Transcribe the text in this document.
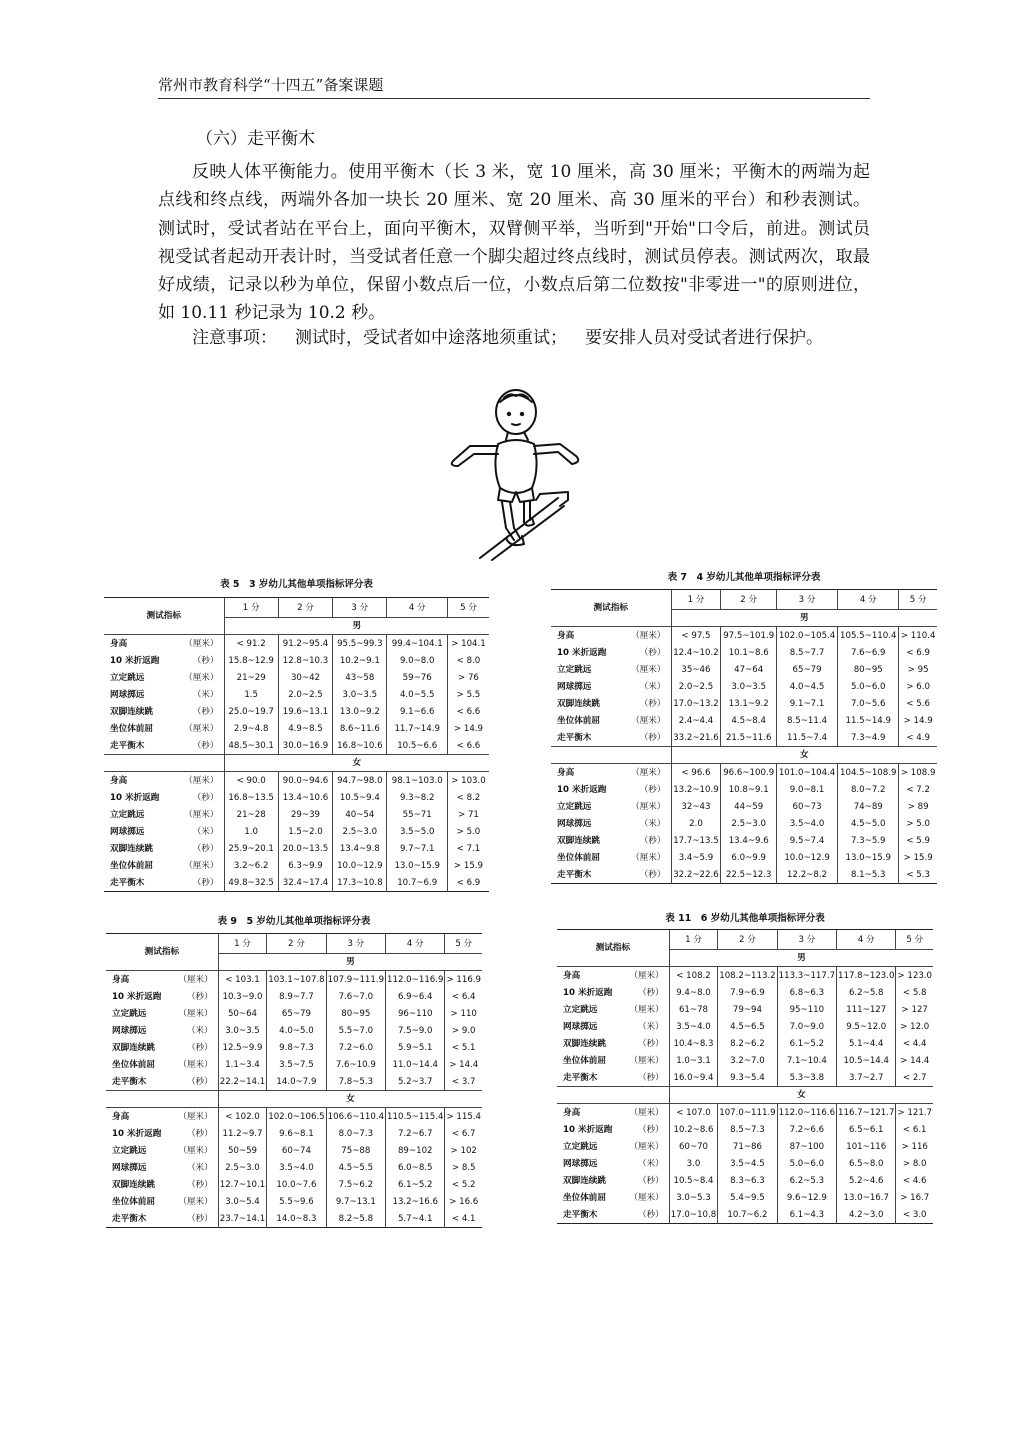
常州市教育科学“十四五”备案课题
（六）走平衡木
反映人体平衡能力。使用平衡木（长 3 米，宽 10 厘米，高 30 厘米；平衡木的两端为起点线和终点线，两端外各加一块长 20 厘米、宽 20 厘米、高 30 厘米的平台）和秒表测试。 测试时，受试者站在平台上，面向平衡木，双臂侧平举，当听到"开始"口令后，前进。测试员视受试者起动开表计时，当受试者任意一个脚尖超过终点线时，测试员停表。测试两次，取最好成绩，记录以秒为单位，保留小数点后一位，小数点后第二位数按"非零进一"的原则进位，如 10.11 秒记录为 10.2 秒。
注意事项： 测试时，受试者如中途落地须重试； 要安排人员对受试者进行保护。
表 5　3 岁幼儿其他单项指标评分表
测试指标		1 分	2 分	3 分	4 分	5 分
		男				
身高	（厘米）	< 91.2	91.2~95.4	95.5~99.3	99.4~104.1	> 104.1
10 米折返跑	（秒）	15.8~12.9	12.8~10.3	10.2~9.1	9.0~8.0	< 8.0
立定跳远	（厘米）	21~29	30~42	43~58	59~76	> 76
网球掷远	（米）	1.5	2.0~2.5	3.0~3.5	4.0~5.5	> 5.5
双脚连续跳	（秒）	25.0~19.7	19.6~13.1	13.0~9.2	9.1~6.6	< 6.6
坐位体前屈	（厘米）	2.9~4.8	4.9~8.5	8.6~11.6	11.7~14.9	> 14.9
走平衡木	（秒）	48.5~30.1	30.0~16.9	16.8~10.6	10.5~6.6	< 6.6
		女				
身高	（厘米）	< 90.0	90.0~94.6	94.7~98.0	98.1~103.0	> 103.0
10 米折返跑	（秒）	16.8~13.5	13.4~10.6	10.5~9.4	9.3~8.2	< 8.2
立定跳远	（厘米）	21~28	29~39	40~54	55~71	> 71
网球掷远	（米）	1.0	1.5~2.0	2.5~3.0	3.5~5.0	> 5.0
双脚连续跳	（秒）	25.9~20.1	20.0~13.5	13.4~9.8	9.7~7.1	< 7.1
坐位体前屈	（厘米）	3.2~6.2	6.3~9.9	10.0~12.9	13.0~15.9	> 15.9
走平衡木	（秒）	49.8~32.5	32.4~17.4	17.3~10.8	10.7~6.9	< 6.9
表 7　4 岁幼儿其他单项指标评分表
测试指标		1 分	2 分	3 分	4 分	5 分
		男				
身高	（厘米）	< 97.5	97.5~101.9	102.0~105.4	105.5~110.4	> 110.4
10 米折返跑	（秒）	12.4~10.2	10.1~8.6	8.5~7.7	7.6~6.9	< 6.9
立定跳远	（厘米）	35~46	47~64	65~79	80~95	> 95
网球掷远	（米）	2.0~2.5	3.0~3.5	4.0~4.5	5.0~6.0	> 6.0
双脚连续跳	（秒）	17.0~13.2	13.1~9.2	9.1~7.1	7.0~5.6	< 5.6
坐位体前屈	（厘米）	2.4~4.4	4.5~8.4	8.5~11.4	11.5~14.9	> 14.9
走平衡木	（秒）	33.2~21.6	21.5~11.6	11.5~7.4	7.3~4.9	< 4.9
		女				
身高	（厘米）	< 96.6	96.6~100.9	101.0~104.4	104.5~108.9	> 108.9
10 米折返跑	（秒）	13.2~10.9	10.8~9.1	9.0~8.1	8.0~7.2	< 7.2
立定跳远	（厘米）	32~43	44~59	60~73	74~89	> 89
网球掷远	（米）	2.0	2.5~3.0	3.5~4.0	4.5~5.0	> 5.0
双脚连续跳	（秒）	17.7~13.5	13.4~9.6	9.5~7.4	7.3~5.9	< 5.9
坐位体前屈	（厘米）	3.4~5.9	6.0~9.9	10.0~12.9	13.0~15.9	> 15.9
走平衡木	（秒）	32.2~22.6	22.5~12.3	12.2~8.2	8.1~5.3	< 5.3
表 9　5 岁幼儿其他单项指标评分表
测试指标		1 分	2 分	3 分	4 分	5 分
		男				
身高	（厘米）	< 103.1	103.1~107.8	107.9~111.9	112.0~116.9	> 116.9
10 米折返跑	（秒）	10.3~9.0	8.9~7.7	7.6~7.0	6.9~6.4	< 6.4
立定跳远	（厘米）	50~64	65~79	80~95	96~110	> 110
网球掷远	（米）	3.0~3.5	4.0~5.0	5.5~7.0	7.5~9.0	> 9.0
双脚连续跳	（秒）	12.5~9.9	9.8~7.3	7.2~6.0	5.9~5.1	< 5.1
坐位体前屈	（厘米）	1.1~3.4	3.5~7.5	7.6~10.9	11.0~14.4	> 14.4
走平衡木	（秒）	22.2~14.1	14.0~7.9	7.8~5.3	5.2~3.7	< 3.7
		女				
身高	（厘米）	< 102.0	102.0~106.5	106.6~110.4	110.5~115.4	> 115.4
10 米折返跑	（秒）	11.2~9.7	9.6~8.1	8.0~7.3	7.2~6.7	< 6.7
立定跳远	（厘米）	50~59	60~74	75~88	89~102	> 102
网球掷远	（米）	2.5~3.0	3.5~4.0	4.5~5.5	6.0~8.5	> 8.5
双脚连续跳	（秒）	12.7~10.1	10.0~7.6	7.5~6.2	6.1~5.2	< 5.2
坐位体前屈	（厘米）	3.0~5.4	5.5~9.6	9.7~13.1	13.2~16.6	> 16.6
走平衡木	（秒）	23.7~14.1	14.0~8.3	8.2~5.8	5.7~4.1	< 4.1
表 11　6 岁幼儿其他单项指标评分表
测试指标		1 分	2 分	3 分	4 分	5 分
		男				
身高	（厘米）	< 108.2	108.2~113.2	113.3~117.7	117.8~123.0	> 123.0
10 米折返跑	（秒）	9.4~8.0	7.9~6.9	6.8~6.3	6.2~5.8	< 5.8
立定跳远	（厘米）	61~78	79~94	95~110	111~127	> 127
网球掷远	（米）	3.5~4.0	4.5~6.5	7.0~9.0	9.5~12.0	> 12.0
双脚连续跳	（秒）	10.4~8.3	8.2~6.2	6.1~5.2	5.1~4.4	< 4.4
坐位体前屈	（厘米）	1.0~3.1	3.2~7.0	7.1~10.4	10.5~14.4	> 14.4
走平衡木	（秒）	16.0~9.4	9.3~5.4	5.3~3.8	3.7~2.7	< 2.7
		女				
身高	（厘米）	< 107.0	107.0~111.9	112.0~116.6	116.7~121.7	> 121.7
10 米折返跑	（秒）	10.2~8.6	8.5~7.3	7.2~6.6	6.5~6.1	< 6.1
立定跳远	（厘米）	60~70	71~86	87~100	101~116	> 116
网球掷远	（米）	3.0	3.5~4.5	5.0~6.0	6.5~8.0	> 8.0
双脚连续跳	（秒）	10.5~8.4	8.3~6.3	6.2~5.3	5.2~4.6	< 4.6
坐位体前屈	（厘米）	3.0~5.3	5.4~9.5	9.6~12.9	13.0~16.7	> 16.7
走平衡木	（秒）	17.0~10.8	10.7~6.2	6.1~4.3	4.2~3.0	< 3.0
